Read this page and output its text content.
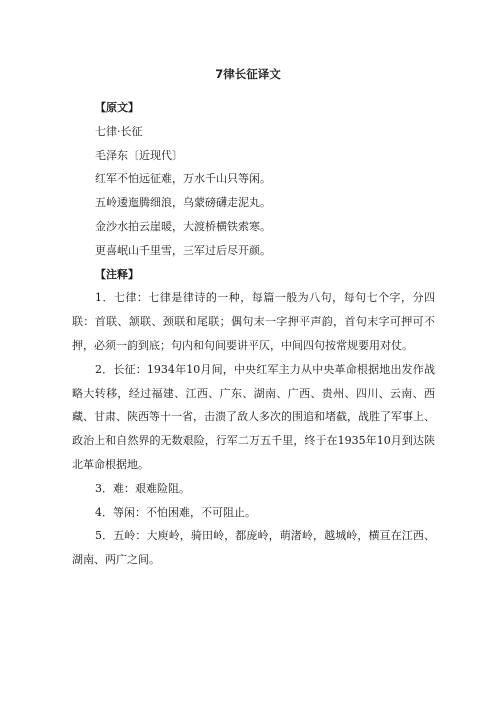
7律长征译文
【原文】
七律·长征
毛泽东〔近现代〕
红军不怕远征难，万水千山只等闲。
五岭逶迤腾细浪，乌蒙磅礴走泥丸。
金沙水拍云崖暖，大渡桥横铁索寒。
更喜岷山千里雪，三军过后尽开颜。
【注释】

1．七律：七律是律诗的一种，每篇一般为八句，每句七个字，分四联：首联、颔联、颈联和尾联；偶句末一字押平声韵，首句末字可押可不押，必须一韵到底；句内和句间要讲平仄，中间四句按常规要用对仗。

2．长征：1934年10月间，中央红军主力从中央革命根据地出发作战略大转移，经过福建、江西、广东、湖南、广西、贵州、四川、云南、西藏、甘肃、陕西等十一省，击溃了敌人多次的围追和堵截，战胜了军事上、政治上和自然界的无数艰险，行军二万五千里，终于在1935年10月到达陕北革命根据地。

3．难：艰难险阻。

4．等闲：不怕困难，不可阻止。

5．五岭：大庾岭，骑田岭，都庞岭，萌渚岭，越城岭，横亘在江西、湖南、两广之间。
